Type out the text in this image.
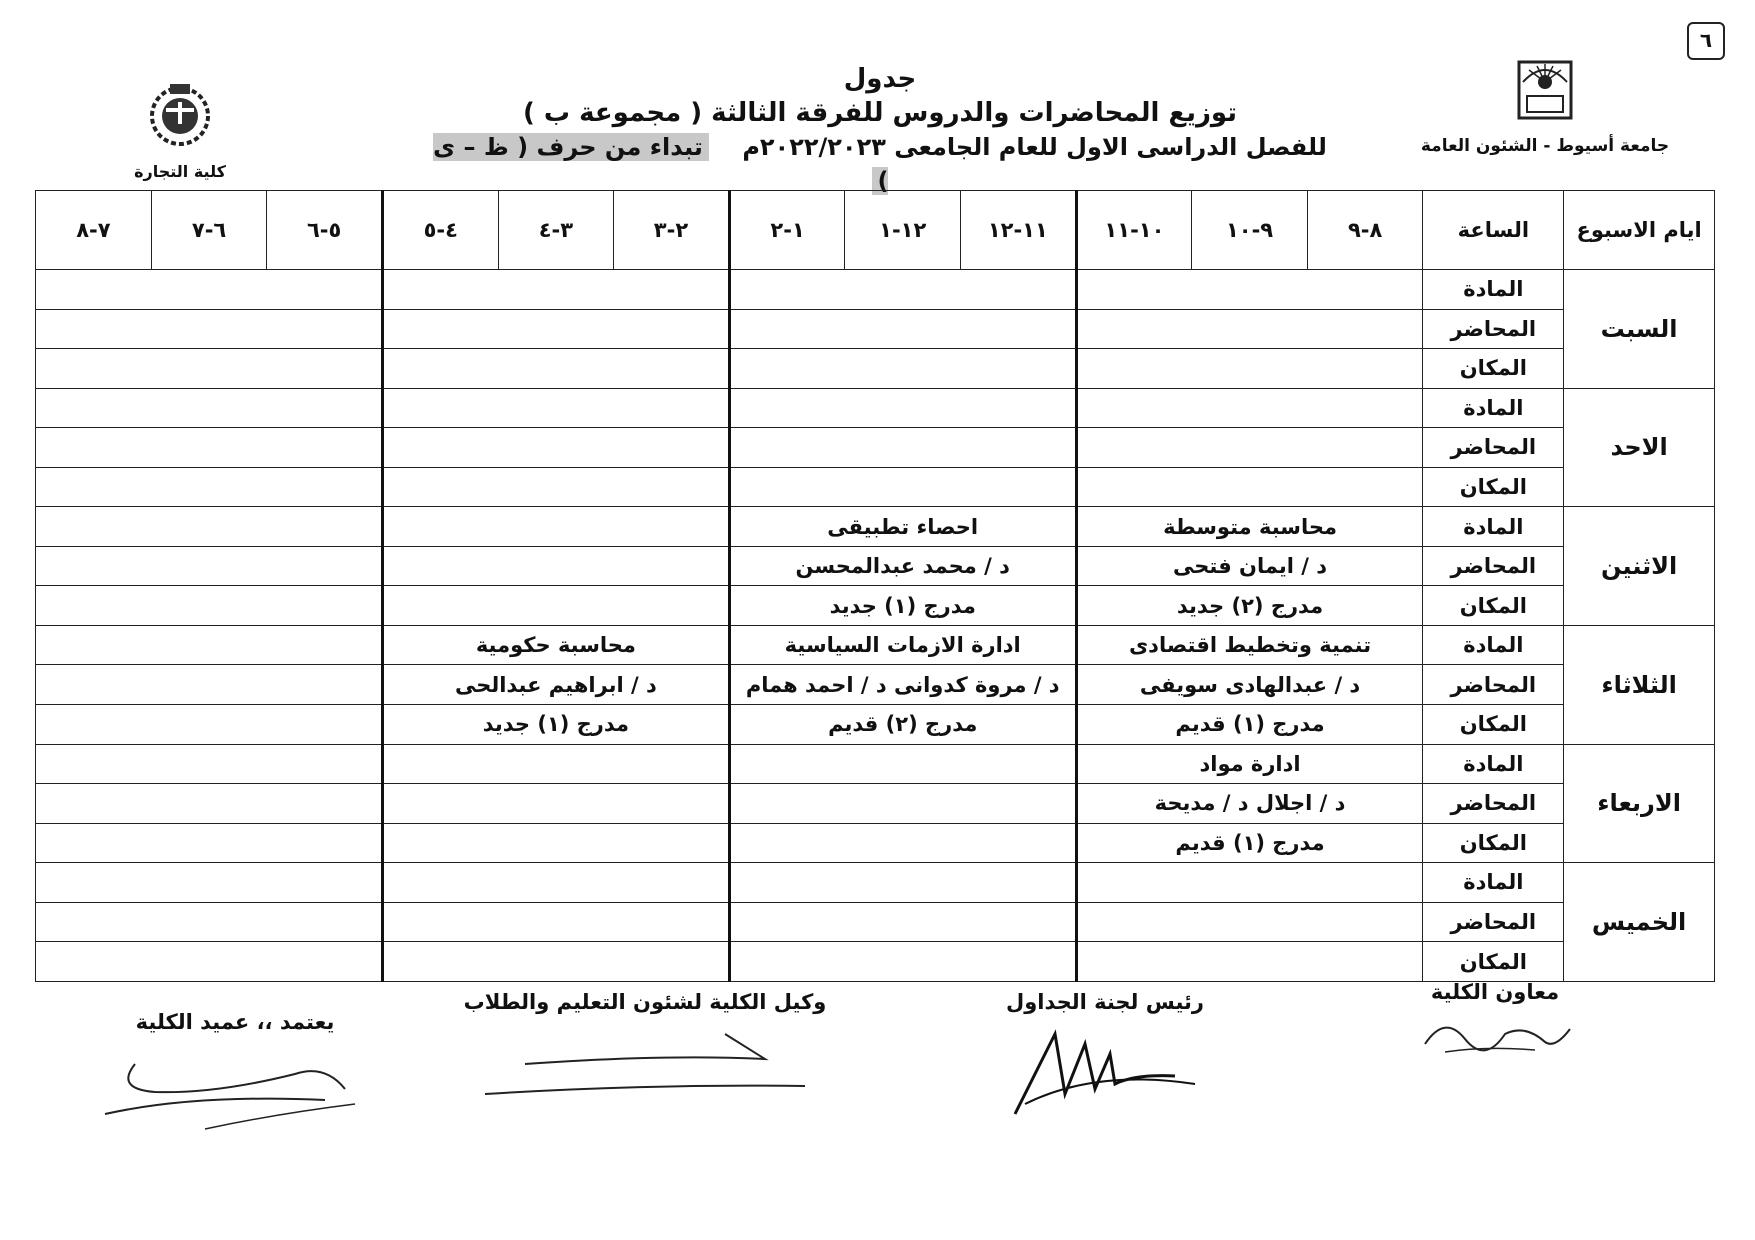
٦
جامعة أسيوط - الشئون العامة
كلية التجارة
جدول
توزيع المحاضرات والدروس للفرقة الثالثة ( مجموعة ب )
للفصل الدراسى الاول للعام الجامعى ٢٠٢٢/٢٠٢٣م    تبداء من حرف ( ظ – ى )
ايام الاسبوع	الساعة	٨-٩	٩-١٠	١٠-١١	١١-١٢	١٢-١	١-٢	٢-٣	٣-٤	٤-٥	٥-٦	٦-٧	٧-٨
السبت	المادة												
	المحاضر												
	المكان												
الاحد	المادة												
	المحاضر												
	المكان												
الاثنين	المادة	محاسبة متوسطة			احصاء تطبيقى								
	المحاضر	د / ايمان فتحى			د / محمد عبدالمحسن								
	المكان	مدرج (٢) جديد			مدرج (١) جديد								
الثلاثاء	المادة	تنمية وتخطيط اقتصادى			ادارة الازمات السياسية			محاسبة حكومية					
	المحاضر	د / عبدالهادى سويفى			د / مروة كدوانى د / احمد همام			د / ابراهيم عبدالحى					
	المكان	مدرج (١) قديم			مدرج (٢) قديم			مدرج (١) جديد					
الاربعاء	المادة	ادارة مواد											
	المحاضر	د / اجلال د / مديحة											
	المكان	مدرج (١) قديم											
الخميس	المادة												
	المحاضر												
	المكان												
معاون الكلية
رئيس لجنة الجداول
وكيل الكلية لشئون التعليم والطلاب
يعتمد ،، عميد الكلية
